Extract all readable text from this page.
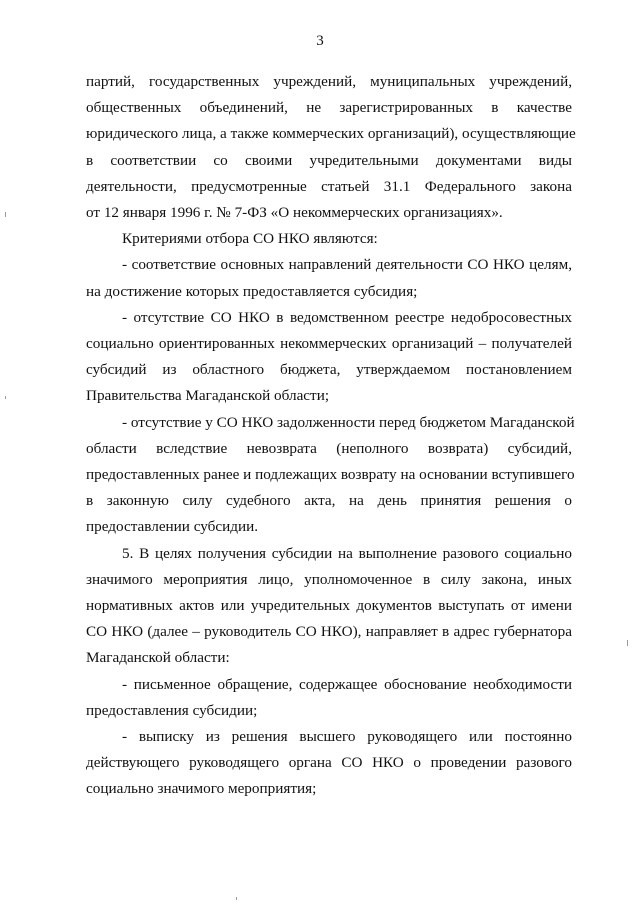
3

партий, государственных учреждений, муниципальных учреждений,

общественных объединений, не зарегистрированных в качестве

юридического лица, а также коммерческих организаций), осуществляющие

в соответствии со своими учредительными документами виды

деятельности, предусмотренные статьей 31.1 Федерального закона

от 12 января 1996 г. № 7-ФЗ «О некоммерческих организациях».

Критериями отбора СО НКО являются:

- соответствие основных направлений деятельности СО НКО целям,

на достижение которых предоставляется субсидия;

- отсутствие СО НКО в ведомственном реестре недобросовестных

социально ориентированных некоммерческих организаций – получателей

субсидий из областного бюджета, утверждаемом постановлением

Правительства Магаданской области;

- отсутствие у СО НКО задолженности перед бюджетом Магаданской

области вследствие невозврата (неполного возврата) субсидий,

предоставленных ранее и подлежащих возврату на основании вступившего

в законную силу судебного акта, на день принятия решения о

предоставлении субсидии.

5. В целях получения субсидии на выполнение разового социально

значимого мероприятия лицо, уполномоченное в силу закона, иных

нормативных актов или учредительных документов выступать от имени

СО НКО (далее – руководитель СО НКО), направляет в адрес губернатора

Магаданской области:

- письменное обращение, содержащее обоснование необходимости

предоставления субсидии;

- выписку из решения высшего руководящего или постоянно

действующего руководящего органа СО НКО о проведении разового

социально значимого мероприятия;
